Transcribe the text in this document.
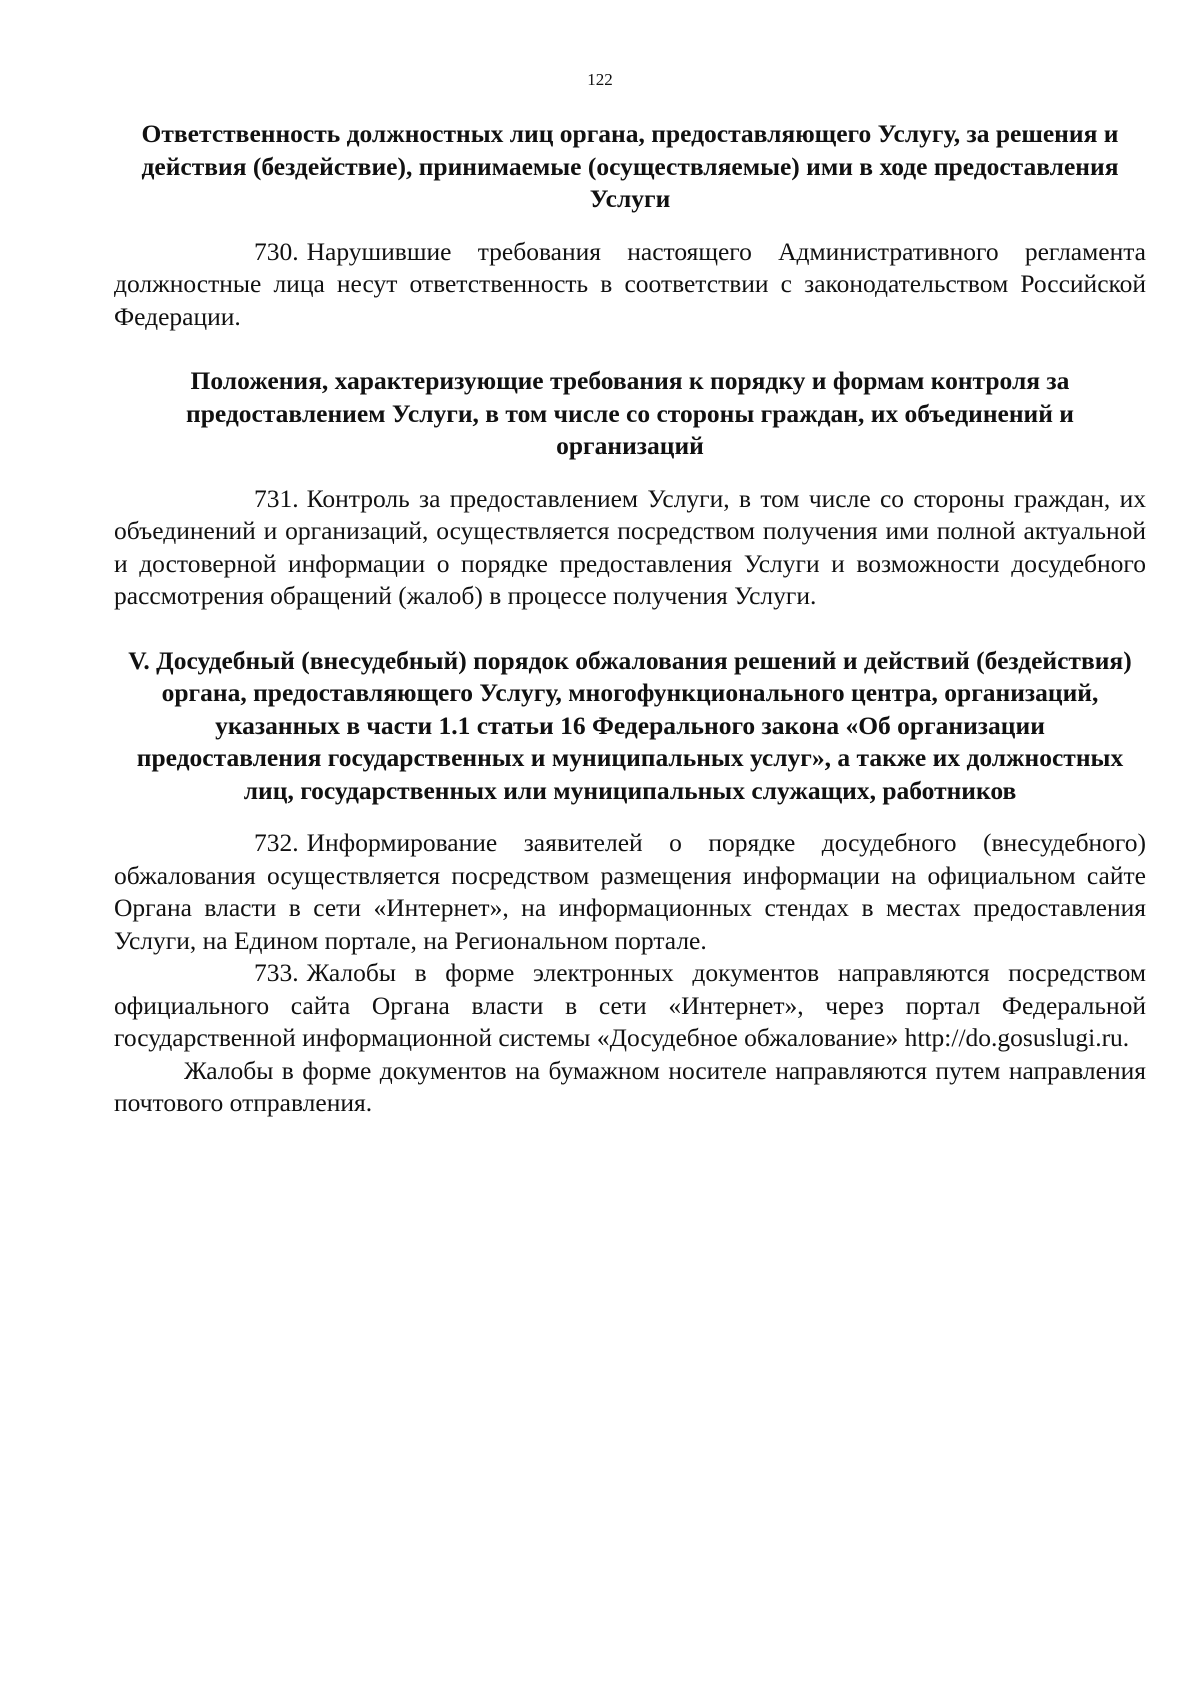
122
Ответственность должностных лиц органа, предоставляющего Услугу, за решения и действия (бездействие), принимаемые (осуществляемые) ими в ходе предоставления Услуги

730. Нарушившие требования настоящего Административного регламента должностные лица несут ответственность в соответствии с законодательством Российской Федерации.

Положения, характеризующие требования к порядку и формам контроля за предоставлением Услуги, в том числе со стороны граждан, их объединений и организаций

731. Контроль за предоставлением Услуги, в том числе со стороны граждан, их объединений и организаций, осуществляется посредством получения ими полной актуальной и достоверной информации о порядке предоставления Услуги и возможности досудебного рассмотрения обращений (жалоб) в процессе получения Услуги.

V. Досудебный (внесудебный) порядок обжалования решений и действий (бездействия) органа, предоставляющего Услугу, многофункционального центра, организаций, указанных в части 1.1 статьи 16 Федерального закона «Об организации предоставления государственных и муниципальных услуг», а также их должностных лиц, государственных или муниципальных служащих, работников

732. Информирование заявителей о порядке досудебного (внесудебного) обжалования осуществляется посредством размещения информации на официальном сайте Органа власти в сети «Интернет», на информационных стендах в местах предоставления Услуги, на Едином портале, на Региональном портале.

733. Жалобы в форме электронных документов направляются посредством официального сайта Органа власти в сети «Интернет», через портал Федеральной государственной информационной системы «Досудебное обжалование» http://do.gosuslugi.ru.

Жалобы в форме документов на бумажном носителе направляются путем направления почтового отправления.
